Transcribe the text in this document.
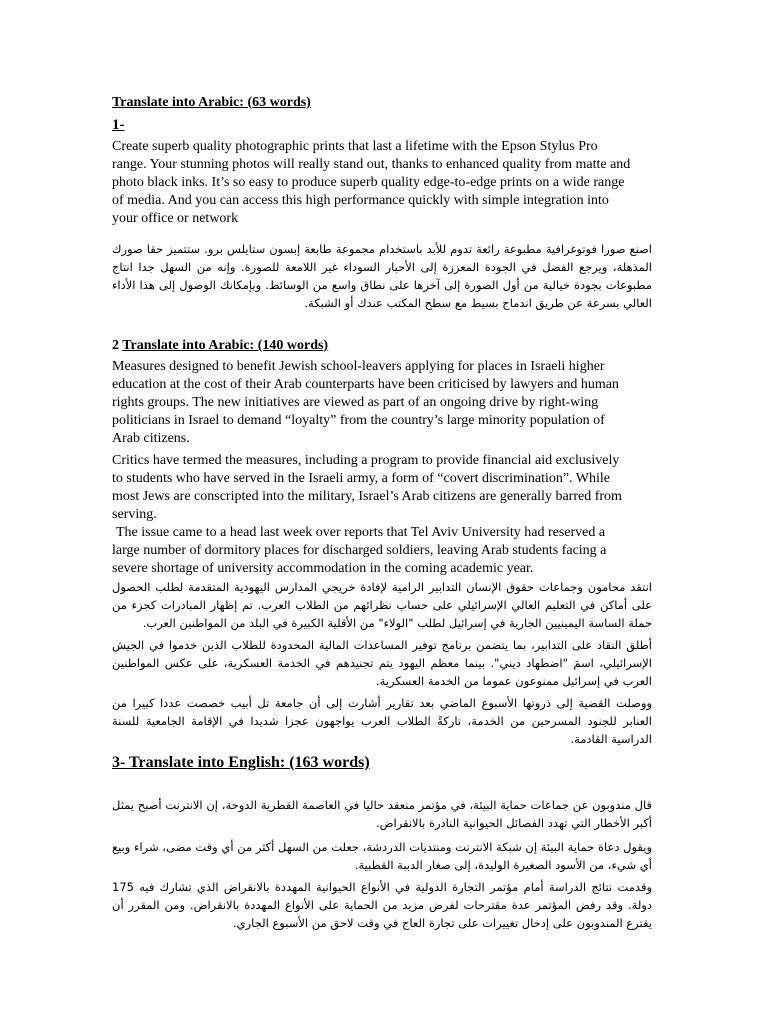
Translate into Arabic: (63 words)
1-

Create superb quality photographic prints that last a lifetime with the Epson Stylus Pro range. Your stunning photos will really stand out, thanks to enhanced quality from matte and photo black inks. It’s so easy to produce superb quality edge-to-edge prints on a wide range of media. And you can access this high performance quickly with simple integration into your office or network

اصنع صورا فوتوغرافية مطبوعة رائعة تدوم للأبد باستخدام مجموعة طابعة إبسون ستايلس برو. ستتميز حقا صورك المذهلة، ويرجع الفضل في الجودة المعززة إلى الأحبار السوداء غير اللامعة للصورة. وإنه من السهل جدا انتاج مطبوعات بجودة خيالية من أول الصورة إلى آخرها على نطاق واسع من الوسائط. وبإمكانك الوصول إلى هذا الأداء العالي بسرعة عن طريق اندماج بسيط مع سطح المكتب عندك أو الشبكة.

2 Translate into Arabic: (140 words)

Measures designed to benefit Jewish school-leavers applying for places in Israeli higher education at the cost of their Arab counterparts have been criticised by lawyers and human rights groups. The new initiatives are viewed as part of an ongoing drive by right-wing politicians in Israel to demand “loyalty” from the country’s large minority population of Arab citizens.

Critics have termed the measures, including a program to provide financial aid exclusively to students who have served in the Israeli army, a form of “covert discrimination”. While most Jews are conscripted into the military, Israel’s Arab citizens are generally barred from serving.

The issue came to a head last week over reports that Tel Aviv University had reserved a large number of dormitory places for discharged soldiers, leaving Arab students facing a severe shortage of university accommodation in the coming academic year.

انتقد محامون وجماعات حقوق الإنسان التدابير الرامية لإفادة خريجي المدارس اليهودية المتقدمة لطلب الحصول على أماكن في التعليم العالي الإسرائيلي على حساب نظرائهم من الطلاب العرب. تم إظهار المبادرات كجزء من حملة الساسة اليمينيين الجارية في إسرائيل لطلب "الولاء" من الأقلية الكبيرة في البلد من المواطنين العرب.

أطلق النقاد على التدابير، بما يتضمن برنامج توفير المساعدات المالية المحدودة للطلاب الذين خدموا في الجيش الإسرائيلي، اسمَ "اضطهاد ديني". بينما معظم اليهود يتم تجنيدهم في الخدمة العسكرية، على عكس المواطنين العرب في إسرائيل ممنوعون عموما من الخدمة العسكرية.

ووصلت القضية إلى ذروتها الأسبوع الماضي بعد تقارير أشارت إلى أن جامعة تل أبيب خصصت عددا كبيرا من العنابر للجنود المسرحين من الخدمة، تاركةً الطلاب العرب يواجهون عجزا شديدا في الإقامة الجامعية للسنة الدراسية القادمة.

3- Translate into English: (163 words)

قال مندوبون عن جماعات حماية البيئة، في مؤتمر منعقد حاليا في العاصمة القطرية الدوحة، إن الانترنت أصبح يمثل أكبر الأخطار التي تهدد الفصائل الحيوانية النادرة بالانقراض.

ويقول دعاة حماية البيئة إن شبكة الانترنت ومنتديات الدردشة، جعلت من السهل أكثر من أي وقت مضى، شراء وبيع أي شيء، من الأسود الصغيرة الوليدة، إلى صغار الدببة القطبية.

وقدمت نتائج الدراسة أمام مؤتمر التجارة الدولية في الأنواع الحيوانية المهددة بالانقراض الذي تشارك فيه 175 دولة. وقد رفض المؤتمر عدة مقترحات لفرض مزيد من الحماية على الأنواع المهددة بالانقراض. ومن المقرر أن يقترع المندوبون على إدخال تغييرات على تجارة العاج في وقت لاحق من الأسبوع الجاري.
